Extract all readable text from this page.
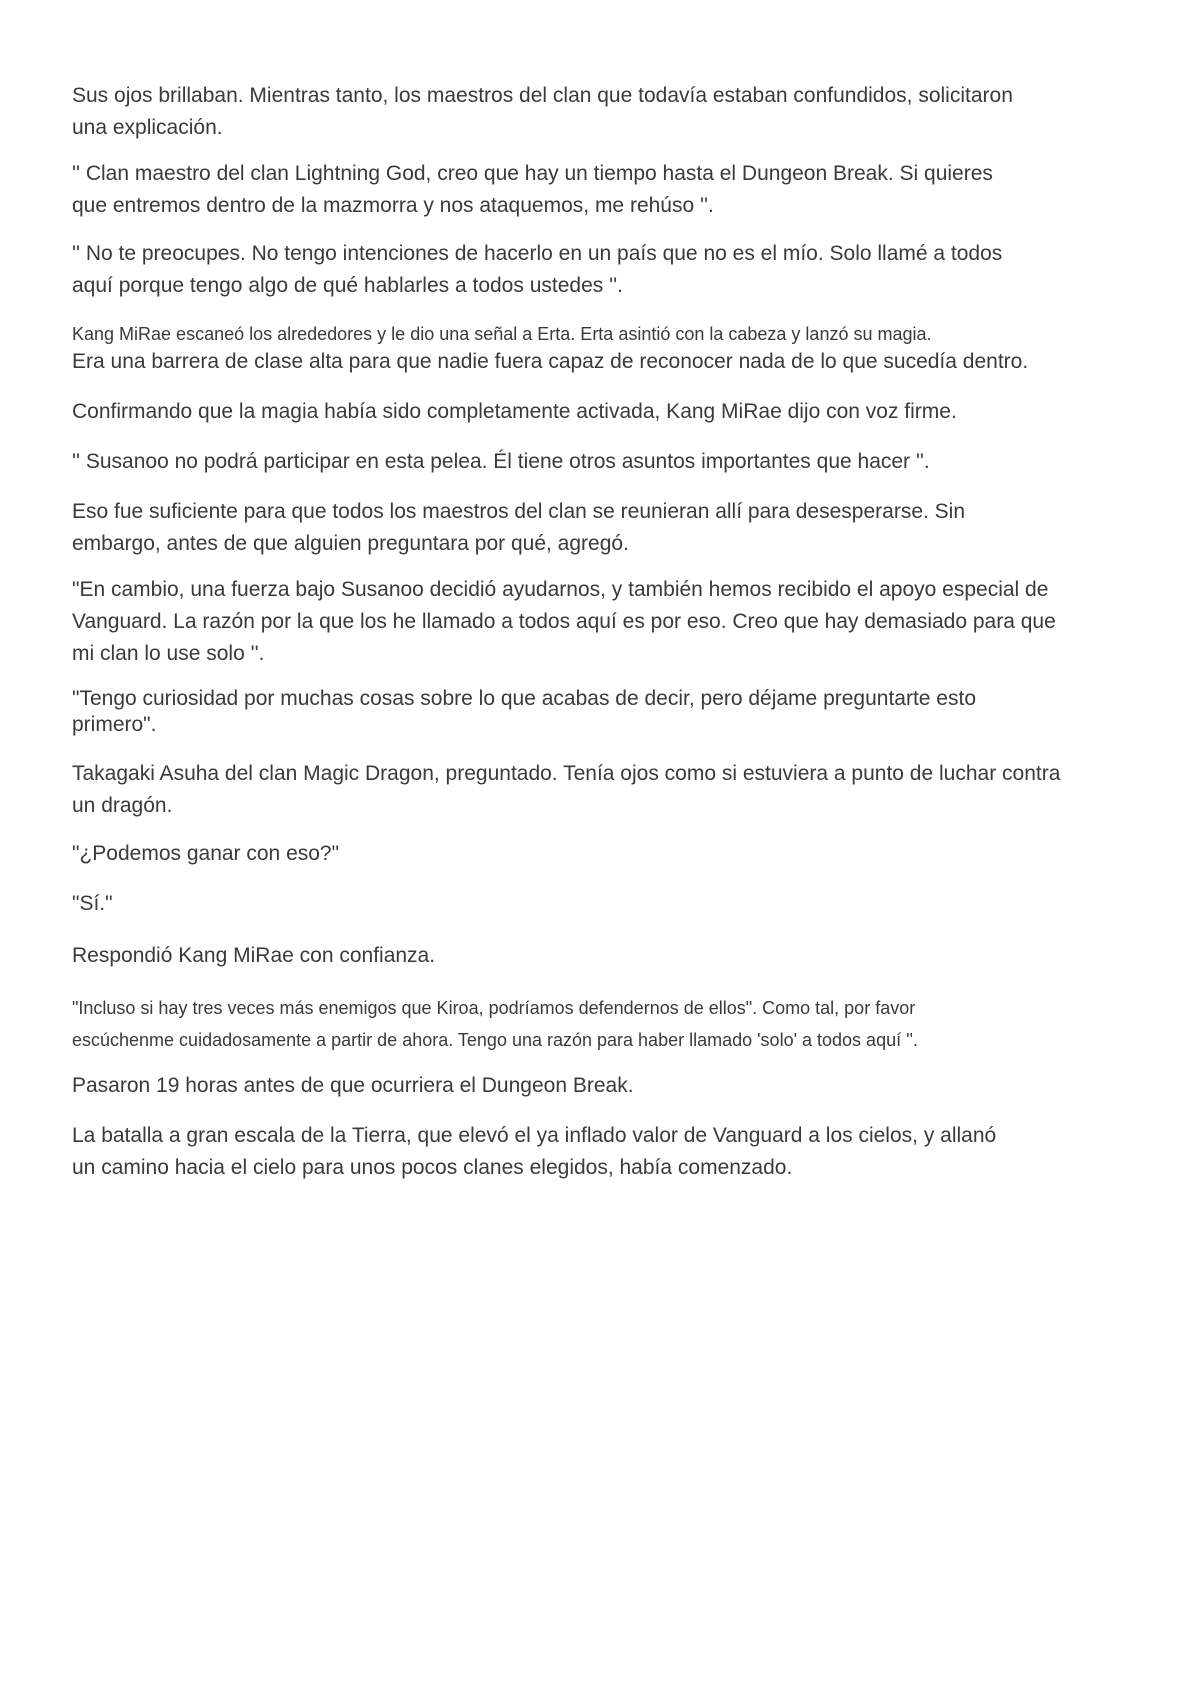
Sus ojos brillaban. Mientras tanto, los maestros del clan que todavía estaban confundidos, solicitaron
una explicación.

'' Clan maestro del clan Lightning God, creo que hay un tiempo hasta el Dungeon Break. Si quieres
que entremos dentro de la mazmorra y nos ataquemos, me rehúso ''.

'' No te preocupes. No tengo intenciones de hacerlo en un país que no es el mío. Solo llamé a todos
aquí porque tengo algo de qué hablarles a todos ustedes ''.

Kang MiRae escaneó los alrededores y le dio una señal a Erta. Erta asintió con la cabeza y lanzó su magia.

Era una barrera de clase alta para que nadie fuera capaz de reconocer nada de lo que sucedía dentro.

Confirmando que la magia había sido completamente activada, Kang MiRae dijo con voz firme.

'' Susanoo no podrá participar en esta pelea. Él tiene otros asuntos importantes que hacer ''.

Eso fue suficiente para que todos los maestros del clan se reunieran allí para desesperarse. Sin
embargo, antes de que alguien preguntara por qué, agregó.

"En cambio, una fuerza bajo Susanoo decidió ayudarnos, y también hemos recibido el apoyo especial de
Vanguard. La razón por la que los he llamado a todos aquí es por eso. Creo que hay demasiado para que
mi clan lo use solo ''.

"Tengo curiosidad por muchas cosas sobre lo que acabas de decir, pero déjame preguntarte esto
primero".

Takagaki Asuha del clan Magic Dragon, preguntado. Tenía ojos como si estuviera a punto de luchar contra
un dragón.

"¿Podemos ganar con eso?"

"Sí."

Respondió Kang MiRae con confianza.

"Incluso si hay tres veces más enemigos que Kiroa, podríamos defendernos de ellos". Como tal, por favor
escúchenme cuidadosamente a partir de ahora. Tengo una razón para haber llamado 'solo' a todos aquí ''.

Pasaron 19 horas antes de que ocurriera el Dungeon Break.

La batalla a gran escala de la Tierra, que elevó el ya inflado valor de Vanguard a los cielos, y allanó
un camino hacia el cielo para unos pocos clanes elegidos, había comenzado.
